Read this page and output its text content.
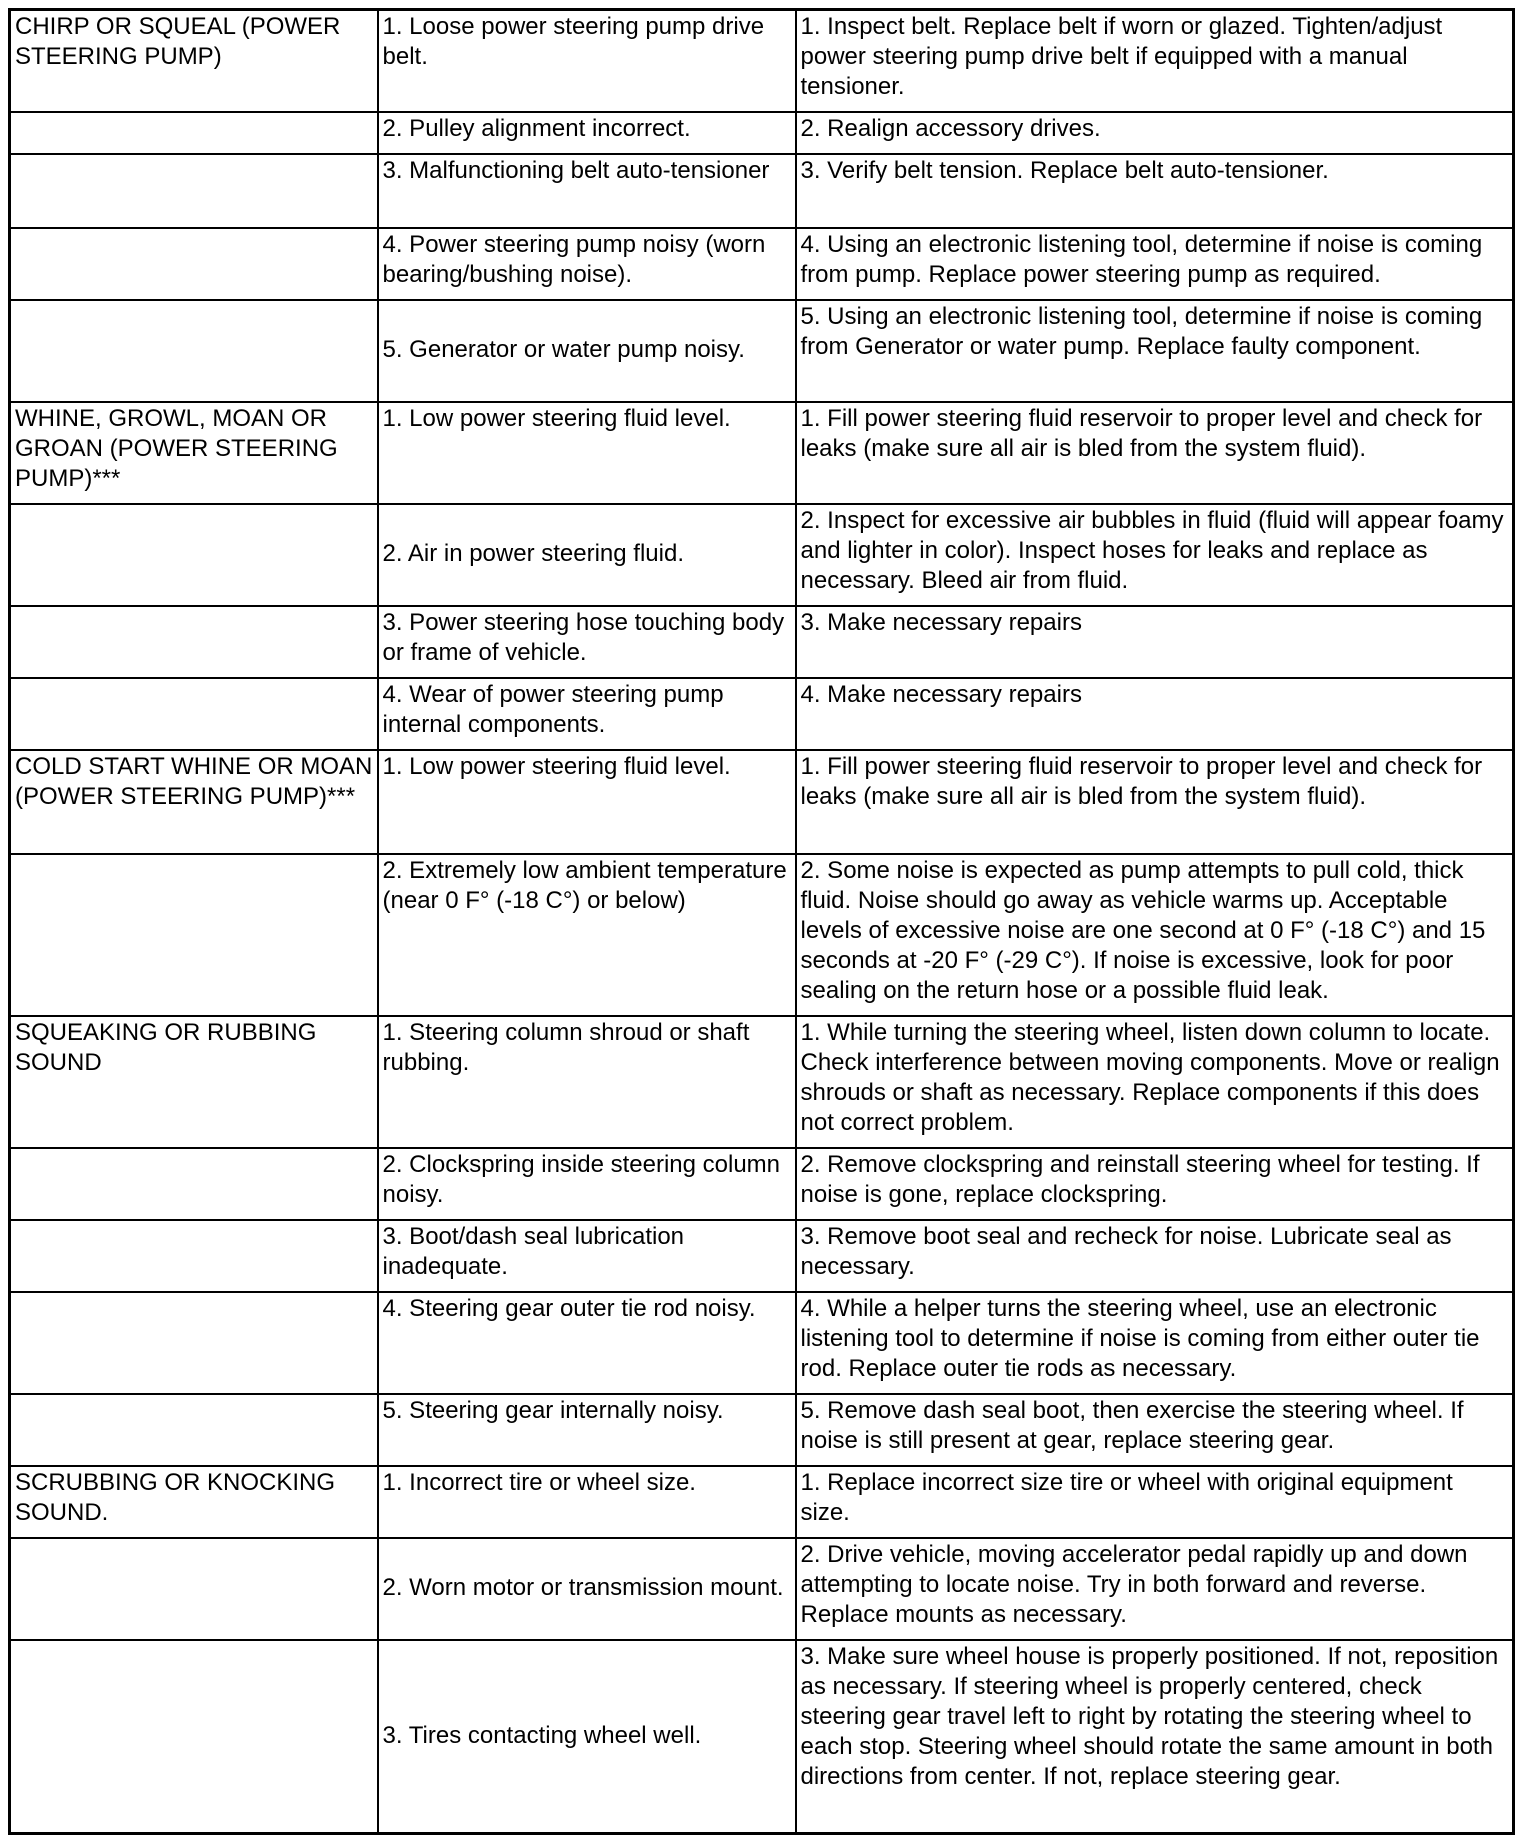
CHIRP OR SQUEAL (POWER STEERING PUMP)	1. Loose power steering pump drive belt.	1. Inspect belt. Replace belt if worn or glazed. Tighten/adjust power steering pump drive belt if equipped with a manual tensioner.
	2. Pulley alignment incorrect.	2. Realign accessory drives.
	3. Malfunctioning belt auto-tensioner	3. Verify belt tension. Replace belt auto-tensioner.
	4. Power steering pump noisy (worn bearing/bushing noise).	4. Using an electronic listening tool, determine if noise is coming from pump. Replace power steering pump as required.
	5. Generator or water pump noisy.	5. Using an electronic listening tool, determine if noise is coming from Generator or water pump. Replace faulty component.
WHINE, GROWL, MOAN OR GROAN (POWER STEERING PUMP)***	1. Low power steering fluid level.	1. Fill power steering fluid reservoir to proper level and check for leaks (make sure all air is bled from the system fluid).
	2. Air in power steering fluid.	2. Inspect for excessive air bubbles in fluid (fluid will appear foamy and lighter in color). Inspect hoses for leaks and replace as necessary. Bleed air from fluid.
	3. Power steering hose touching body or frame of vehicle.	3. Make necessary repairs
	4. Wear of power steering pump internal components.	4. Make necessary repairs
COLD START WHINE OR MOAN (POWER STEERING PUMP)***	1. Low power steering fluid level.	1. Fill power steering fluid reservoir to proper level and check for leaks (make sure all air is bled from the system fluid).
	2. Extremely low ambient temperature (near 0 F° (-18 C°) or below)	2. Some noise is expected as pump attempts to pull cold, thick fluid. Noise should go away as vehicle warms up. Acceptable levels of excessive noise are one second at 0 F° (-18 C°) and 15 seconds at -20 F° (-29 C°). If noise is excessive, look for poor sealing on the return hose or a possible fluid leak.
SQUEAKING OR RUBBING SOUND	1. Steering column shroud or shaft rubbing.	1. While turning the steering wheel, listen down column to locate. Check interference between moving components. Move or realign shrouds or shaft as necessary. Replace components if this does not correct problem.
	2. Clockspring inside steering column noisy.	2. Remove clockspring and reinstall steering wheel for testing. If noise is gone, replace clockspring.
	3. Boot/dash seal lubrication inadequate.	3. Remove boot seal and recheck for noise. Lubricate seal as necessary.
	4. Steering gear outer tie rod noisy.	4. While a helper turns the steering wheel, use an electronic listening tool to determine if noise is coming from either outer tie rod. Replace outer tie rods as necessary.
	5. Steering gear internally noisy.	5. Remove dash seal boot, then exercise the steering wheel. If noise is still present at gear, replace steering gear.
SCRUBBING OR KNOCKING SOUND.	1. Incorrect tire or wheel size.	1. Replace incorrect size tire or wheel with original equipment size.
	2. Worn motor or transmission mount.	2. Drive vehicle, moving accelerator pedal rapidly up and down attempting to locate noise. Try in both forward and reverse. Replace mounts as necessary.
	3. Tires contacting wheel well.	3. Make sure wheel house is properly positioned. If not, reposition as necessary. If steering wheel is properly centered, check steering gear travel left to right by rotating the steering wheel to each stop. Steering wheel should rotate the same amount in both directions from center. If not, replace steering gear.
